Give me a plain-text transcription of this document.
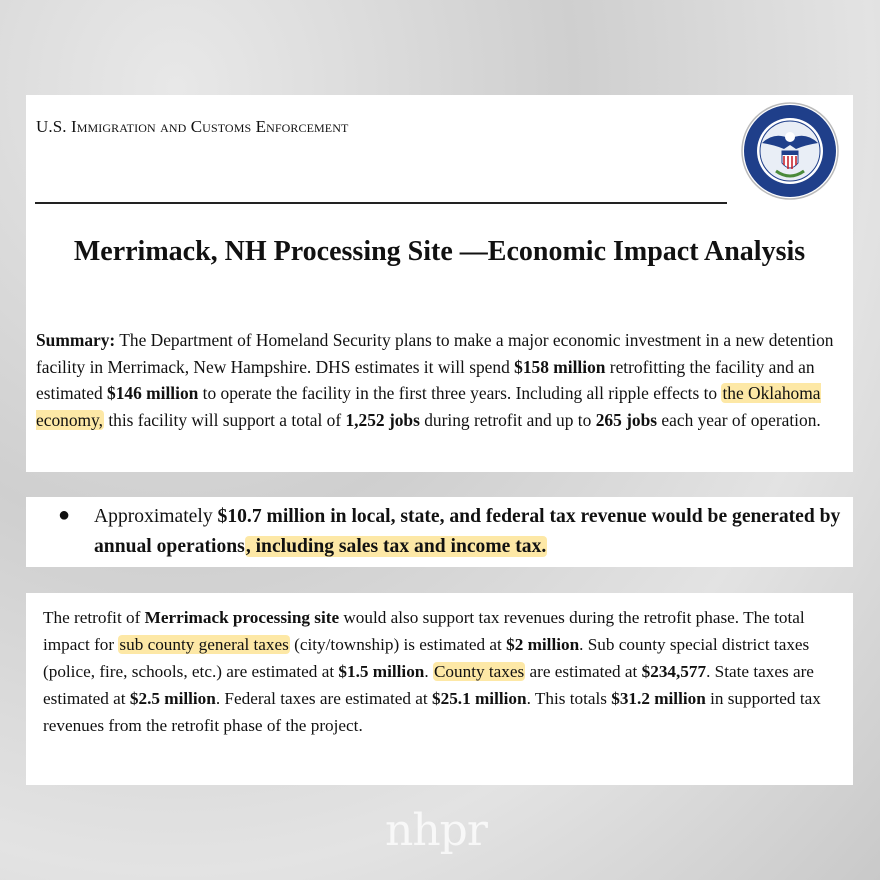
U.S. Immigration and Customs Enforcement
Merrimack, NH Processing Site —Economic Impact Analysis
Summary: The Department of Homeland Security plans to make a major economic investment in a new detention facility in Merrimack, New Hampshire. DHS estimates it will spend $158 million retrofitting the facility and an estimated $146 million to operate the facility in the first three years. Including all ripple effects to the Oklahoma economy, this facility will support a total of 1,252 jobs during retrofit and up to 265 jobs each year of operation.
● Approximately $10.7 million in local, state, and federal tax revenue would be generated by annual operations, including sales tax and income tax.
The retrofit of Merrimack processing site would also support tax revenues during the retrofit phase. The total impact for sub county general taxes (city/township) is estimated at $2 million. Sub county special district taxes (police, fire, schools, etc.) are estimated at $1.5 million. County taxes are estimated at $234,577. State taxes are estimated at $2.5 million. Federal taxes are estimated at $25.1 million. This totals $31.2 million in supported tax revenues from the retrofit phase of the project.
nhpr
